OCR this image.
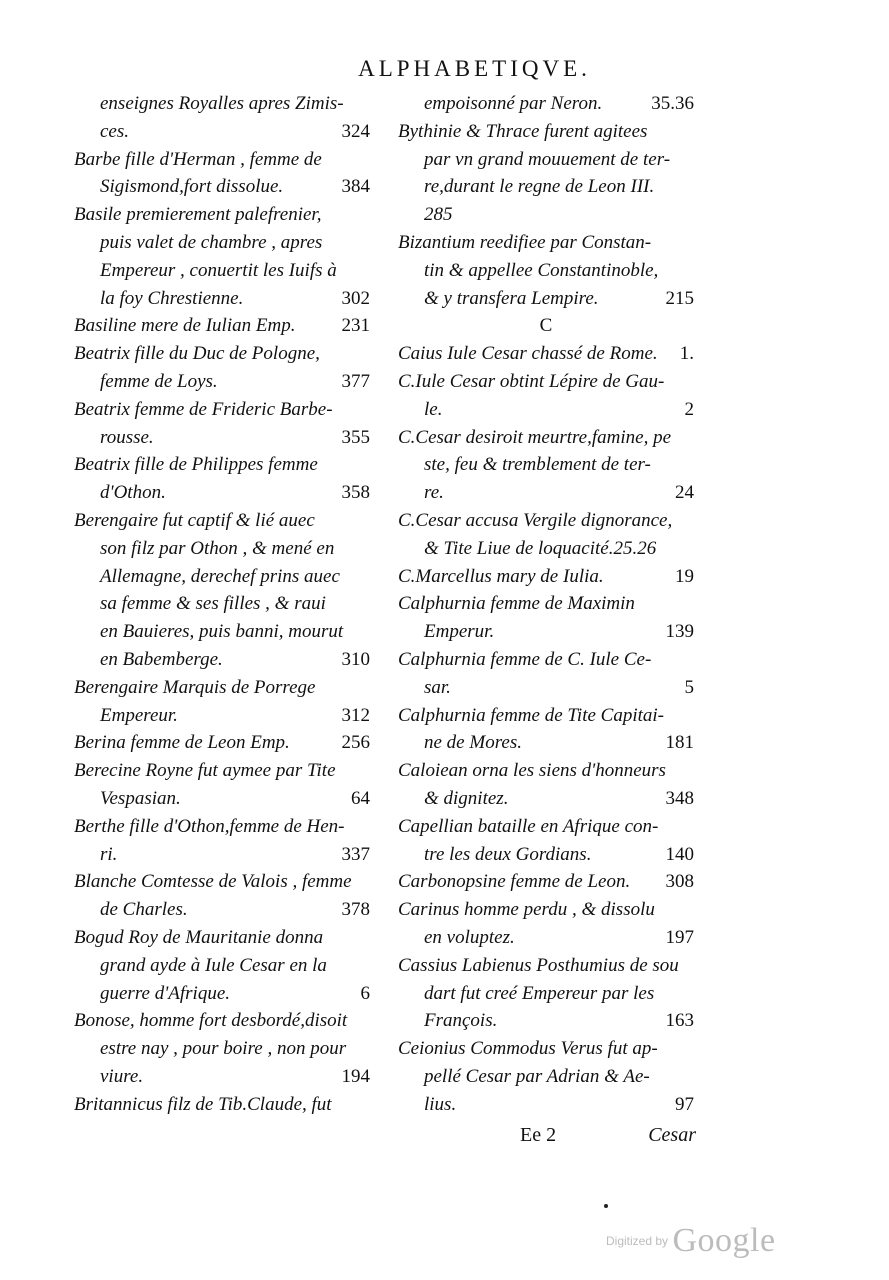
ALPHABETIQVE.
enseignes Royalles apres Zimis-
ces.	324
Barbe fille d'Herman , femme de
Sigismond,fort dissolue.	384
Basile premierement palefrenier,
puis valet de chambre , apres
Empereur , conuertit les Iuifs à
la foy Chrestienne.	302
Basiline mere de Iulian Emp.	231
Beatrix fille du Duc de Pologne,
femme de Loys.	377
Beatrix femme de Frideric Barbe-
rousse.	355
Beatrix fille de Philippes femme
d'Othon.	358
Berengaire fut captif & lié auec
son filz par Othon , & mené en
Allemagne, derechef prins auec
sa femme & ses filles , & raui
en Bauieres, puis banni, mourut
en Babemberge.	310
Berengaire Marquis de Porrege
Empereur.	312
Berina femme de Leon Emp.	256
Berecine Royne fut aymee par Tite
Vespasian.	64
Berthe fille d'Othon,femme de Hen-
ri.	337
Blanche Comtesse de Valois , femme
de Charles.	378
Bogud Roy de Mauritanie donna
grand ayde à Iule Cesar en la
guerre d'Afrique.	6
Bonose, homme fort desbordé,disoit
estre nay , pour boire , non pour
viure.	194
Britannicus filz de Tib.Claude, fut
empoisonné par Neron.	35.36
Bythinie & Thrace furent agitees
par vn grand mouuement de ter-
re,durant le regne de Leon III.
285
Bizantium reedifiee par Constan-
tin & appellee Constantinoble,
& y transfera Lempire.	215
C
Caius Iule Cesar chassé de Rome.	1.
C.Iule Cesar obtint Lépire de Gau-
le.	2
C.Cesar desiroit meurtre,famine, pe
ste, feu & tremblement de ter-
re.	24
C.Cesar accusa Vergile dignorance,
& Tite Liue de loquacité.25.26
C.Marcellus mary de Iulia.	19
Calphurnia femme de Maximin
Emperur.	139
Calphurnia femme de C. Iule Ce-
sar.	5
Calphurnia femme de Tite Capitai-
ne de Mores.	181
Caloiean orna les siens d'honneurs
& dignitez.	348
Capellian bataille en Afrique con-
tre les deux Gordians.	140
Carbonopsine femme de Leon.	308
Carinus homme perdu , & dissolu
en voluptez.	197
Cassius Labienus Posthumius de sou
dart fut creé Empereur par les
François.	163
Ceionius Commodus Verus fut ap-
pellé Cesar par Adrian & Ae-
lius.	97
Ee 2	Cesar
Digitized by Google
